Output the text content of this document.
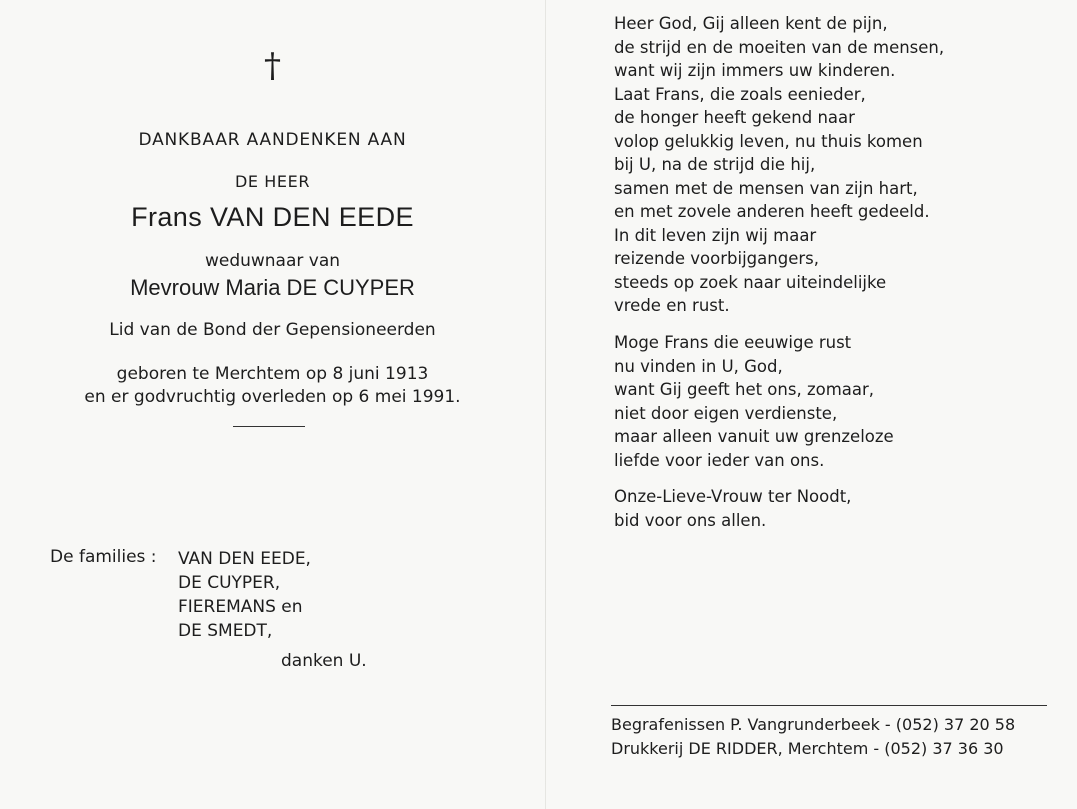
†
DANKBAAR AANDENKEN AAN
DE HEER
Frans VAN DEN EEDE
weduwnaar van
Mevrouw Maria DE CUYPER
Lid van de Bond der Gepensioneerden
geboren te Merchtem op 8 juni 1913
en er godvruchtig overleden op 6 mei 1991.
De families : VAN DEN EEDE,
DE CUYPER,
FIEREMANS en
DE SMEDT,
danken U.
Heer God, Gij alleen kent de pijn,
de strijd en de moeiten van de mensen,
want wij zijn immers uw kinderen.
Laat Frans, die zoals eenieder,
de honger heeft gekend naar
volop gelukkig leven, nu thuis komen
bij U, na de strijd die hij,
samen met de mensen van zijn hart,
en met zovele anderen heeft gedeeld.
In dit leven zijn wij maar
reizende voorbijgangers,
steeds op zoek naar uiteindelijke
vrede en rust.
Moge Frans die eeuwige rust
nu vinden in U, God,
want Gij geeft het ons, zomaar,
niet door eigen verdienste,
maar alleen vanuit uw grenzeloze
liefde voor ieder van ons.
Onze-Lieve-Vrouw ter Noodt,
bid voor ons allen.
Begrafenissen P. Vangrunderbeek - (052) 37 20 58
Drukkerij DE RIDDER, Merchtem - (052) 37 36 30
